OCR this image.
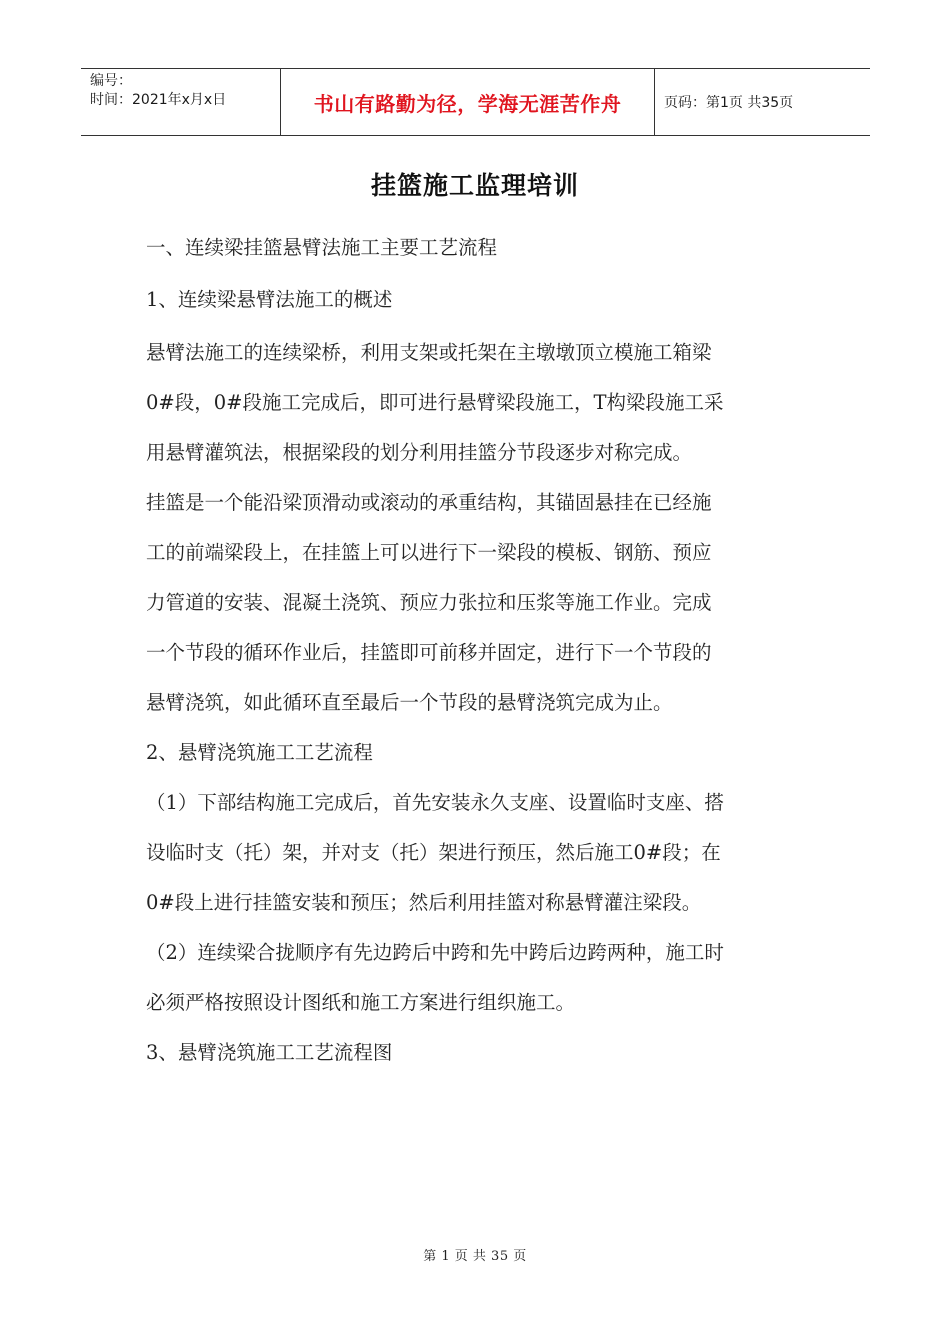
编号：
时间：2021年x月x日	书山有路勤为径，学海无涯苦作舟	页码：第1页 共35页
挂篮施工监理培训

一、连续梁挂篮悬臂法施工主要工艺流程

1、连续梁悬臂法施工的概述

悬臂法施工的连续梁桥，利用支架或托架在主墩墩顶立模施工箱梁

0#段，0#段施工完成后，即可进行悬臂梁段施工，T构梁段施工采

用悬臂灌筑法，根据梁段的划分利用挂篮分节段逐步对称完成。

挂篮是一个能沿梁顶滑动或滚动的承重结构，其锚固悬挂在已经施

工的前端梁段上，在挂篮上可以进行下一梁段的模板、钢筋、预应

力管道的安装、混凝土浇筑、预应力张拉和压浆等施工作业。完成

一个节段的循环作业后，挂篮即可前移并固定，进行下一个节段的

悬臂浇筑，如此循环直至最后一个节段的悬臂浇筑完成为止。

2、悬臂浇筑施工工艺流程

（1）下部结构施工完成后，首先安装永久支座、设置临时支座、搭

设临时支（托）架，并对支（托）架进行预压，然后施工0#段；在

0#段上进行挂篮安装和预压；然后利用挂篮对称悬臂灌注梁段。

（2）连续梁合拢顺序有先边跨后中跨和先中跨后边跨两种，施工时

必须严格按照设计图纸和施工方案进行组织施工。

3、悬臂浇筑施工工艺流程图

第 1 页 共 35 页
